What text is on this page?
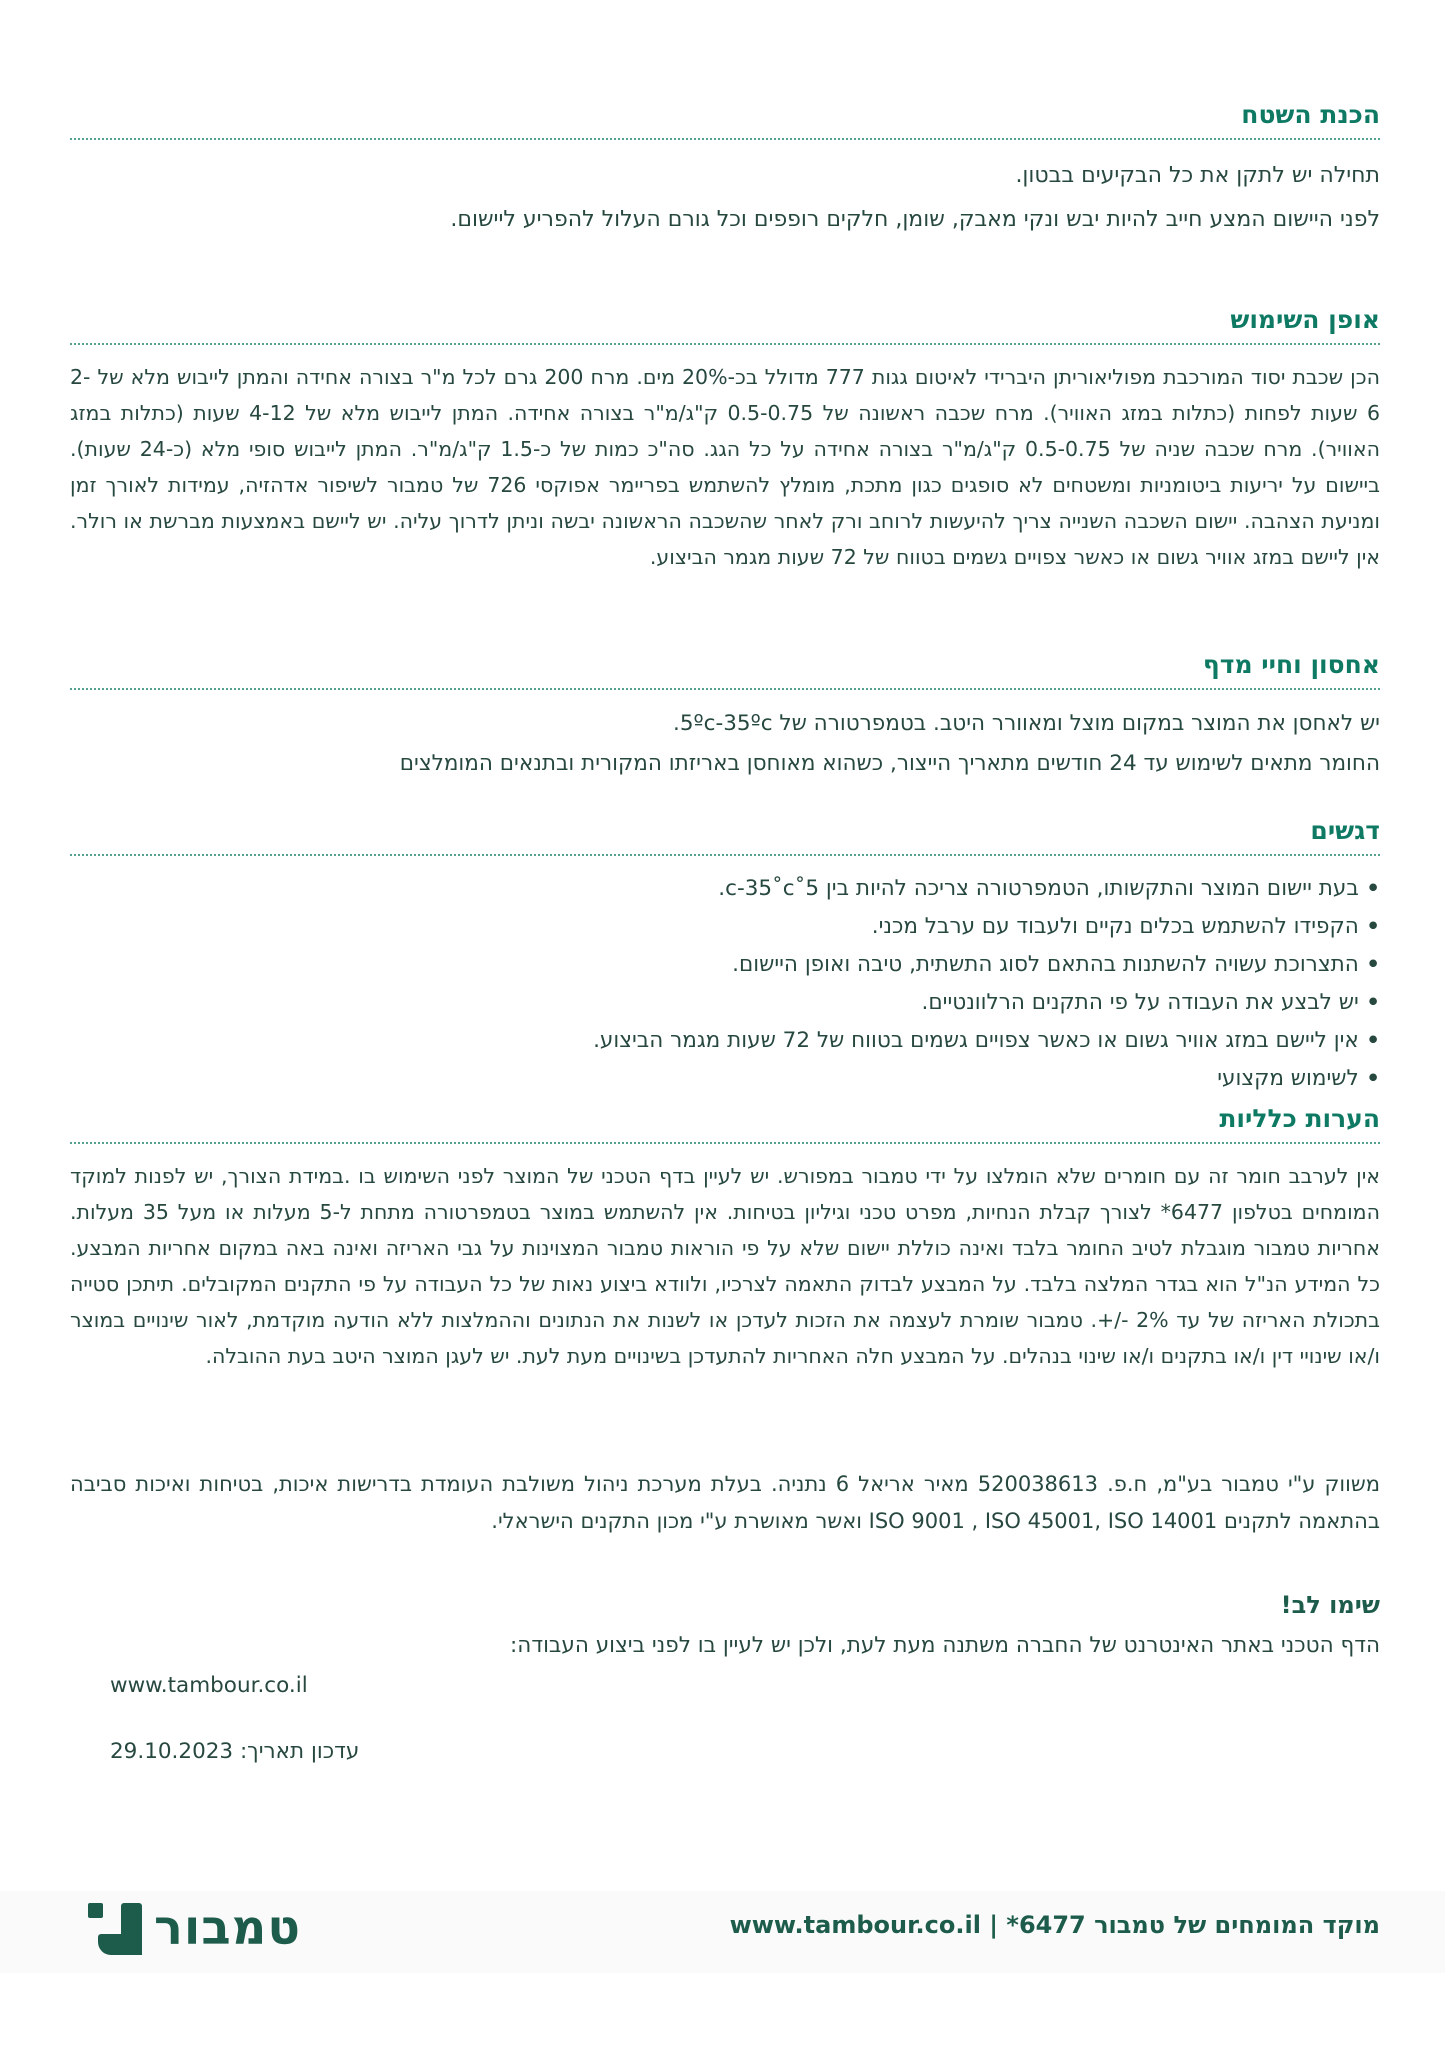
הכנת השטח

תחילה יש לתקן את כל הבקיעים בבטון.

לפני היישום המצע חייב להיות יבש ונקי מאבק, שומן, חלקים רופפים וכל גורם העלול להפריע ליישום.

אופן השימוש

הכן שכבת יסוד המורכבת מפוליאוריתן היברידי לאיטום גגות 777 מדולל בכ-20% מים. מרח 200 גרם לכל מ"ר בצורה אחידה והמתן לייבוש מלא של 2-6 שעות לפחות (כתלות במזג האוויר). מרח שכבה ראשונה של 0.5-0.75 ק"ג/מ"ר בצורה אחידה. המתן לייבוש מלא של 4-12 שעות (כתלות במזג האוויר). מרח שכבה שניה של 0.5-0.75 ק"ג/מ"ר בצורה אחידה על כל הגג. סה"כ כמות של כ-1.5 ק"ג/מ"ר. המתן לייבוש סופי מלא (כ-24 שעות). ביישום על יריעות ביטומניות ומשטחים לא סופגים כגון מתכת, מומלץ להשתמש בפריימר אפוקסי 726 של טמבור לשיפור אדהזיה, עמידות לאורך זמן ומניעת הצהבה. יישום השכבה השנייה צריך להיעשות לרוחב ורק לאחר שהשכבה הראשונה יבשה וניתן לדרוך עליה. יש ליישם באמצעות מברשת או רולר. אין ליישם במזג אוויר גשום או כאשר צפויים גשמים בטווח של 72 שעות מגמר הביצוע.

אחסון וחיי מדף

יש לאחסן את המוצר במקום מוצל ומאוורר היטב. בטמפרטורה של 5ºc-35ºc.

החומר מתאים לשימוש עד 24 חודשים מתאריך הייצור, כשהוא מאוחסן באריזתו המקורית ובתנאים המומלצים

דגשים
• בעת יישום המוצר והתקשותו, הטמפרטורה צריכה להיות בין 5˚c-35˚c.
• הקפידו להשתמש בכלים נקיים ולעבוד עם ערבל מכני.
• התצרוכת עשויה להשתנות בהתאם לסוג התשתית, טיבה ואופן היישום.
• יש לבצע את העבודה על פי התקנים הרלוונטיים.
• אין ליישם במזג אוויר גשום או כאשר צפויים גשמים בטווח של 72 שעות מגמר הביצוע.
• לשימוש מקצועי
הערות כלליות

אין לערבב חומר זה עם חומרים שלא הומלצו על ידי טמבור במפורש. יש לעיין בדף הטכני של המוצר לפני השימוש בו .במידת הצורך, יש לפנות למוקד המומחים בטלפון 6477* לצורך קבלת הנחיות, מפרט טכני וגיליון בטיחות. אין להשתמש במוצר בטמפרטורה מתחת ל-5 מעלות או מעל 35 מעלות. אחריות טמבור מוגבלת לטיב החומר בלבד ואינה כוללת יישום שלא על פי הוראות טמבור המצוינות על גבי האריזה ואינה באה במקום אחריות המבצע. כל המידע הנ"ל הוא בגדר המלצה בלבד. על המבצע לבדוק התאמה לצרכיו, ולוודא ביצוע נאות של כל העבודה על פי התקנים המקובלים. תיתכן סטייה בתכולת האריזה של עד 2% -/+. טמבור שומרת לעצמה את הזכות לעדכן או לשנות את הנתונים וההמלצות ללא הודעה מוקדמת, לאור שינויים במוצר ו/או שינויי דין ו/או בתקנים ו/או שינוי בנהלים. על המבצע חלה האחריות להתעדכן בשינויים מעת לעת. יש לעגן המוצר היטב בעת ההובלה.

משווק ע"י טמבור בע"מ, ח.פ. 520038613 מאיר אריאל 6 נתניה. בעלת מערכת ניהול משולבת העומדת בדרישות איכות, בטיחות ואיכות סביבה בהתאמה לתקנים ISO 9001 , ISO 45001, ISO 14001 ואשר מאושרת ע"י מכון התקנים הישראלי.

שימו לב!
הדף הטכני באתר האינטרנט של החברה משתנה מעת לעת, ולכן יש לעיין בו לפני ביצוע העבודה:
www.tambour.co.il
עדכון תאריך: 29.10.2023
מוקד המומחים של טמבור 6477* | www.tambour.co.il
טמבור
